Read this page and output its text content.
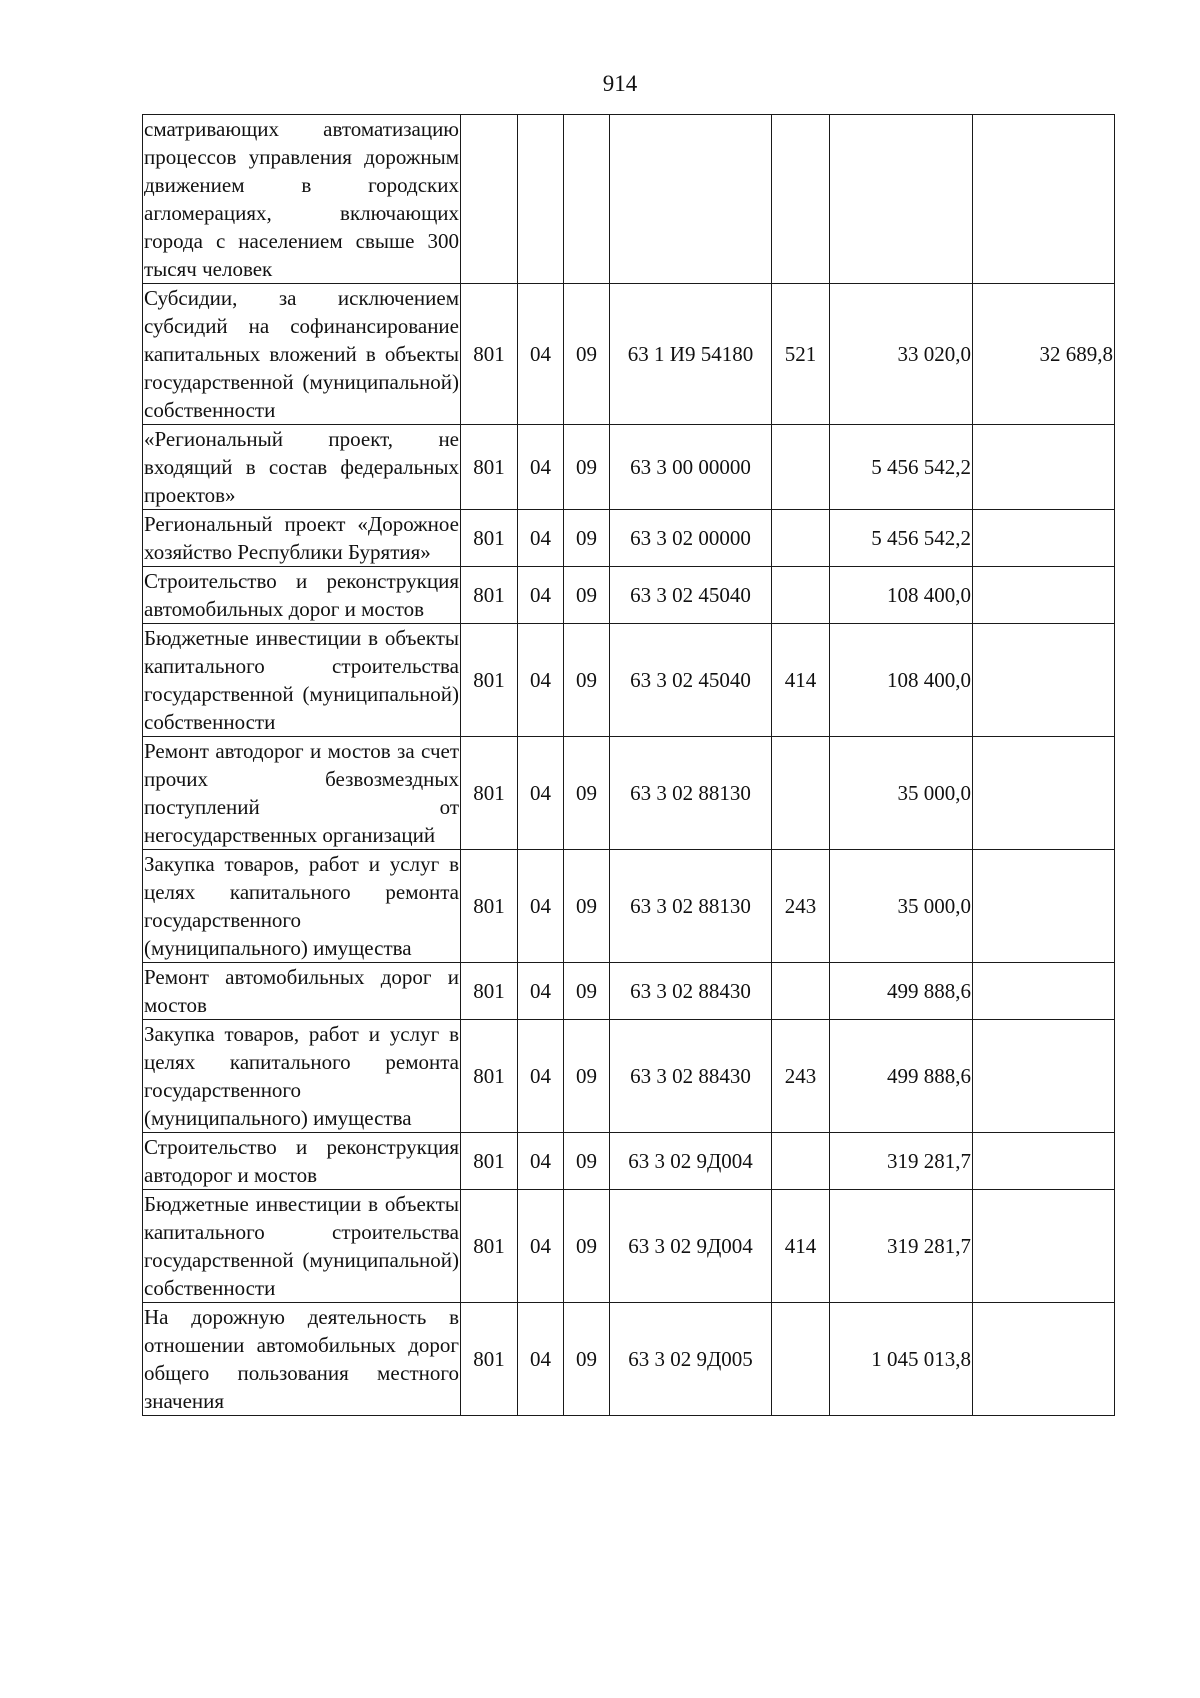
914
сматривающих автоматизацию процессов управления дорожным движением в городских агломерациях, включающих города с населением свыше 300 тысяч человек							
Субсидии, за исключением субсидий на софинансирование капитальных вложений в объекты государственной (муниципальной) собственности	801	04	09	63 1 И9 54180	521	33 020,0	32 689,8
«Региональный проект, не входящий в состав федеральных проектов»	801	04	09	63 3 00 00000		5 456 542,2	
Региональный проект «Дорожное хозяйство Республики Бурятия»	801	04	09	63 3 02 00000		5 456 542,2	
Строительство и реконструкция автомобильных дорог и мостов	801	04	09	63 3 02 45040		108 400,0	
Бюджетные инвестиции в объекты капитального строительства государственной (муниципальной) собственности	801	04	09	63 3 02 45040	414	108 400,0	
Ремонт автодорог и мостов за счет прочих безвозмездных поступлений от негосударственных организаций	801	04	09	63 3 02 88130		35 000,0	
Закупка товаров, работ и услуг в целях капитального ремонта государственного (муниципального) имущества	801	04	09	63 3 02 88130	243	35 000,0	
Ремонт автомобильных дорог и мостов	801	04	09	63 3 02 88430		499 888,6	
Закупка товаров, работ и услуг в целях капитального ремонта государственного (муниципального) имущества	801	04	09	63 3 02 88430	243	499 888,6	
Строительство и реконструкция автодорог и мостов	801	04	09	63 3 02 9Д004		319 281,7	
Бюджетные инвестиции в объекты капитального строительства государственной (муниципальной) собственности	801	04	09	63 3 02 9Д004	414	319 281,7	
На дорожную деятельность в отношении автомобильных дорог общего пользования местного значения	801	04	09	63 3 02 9Д005		1 045 013,8	
